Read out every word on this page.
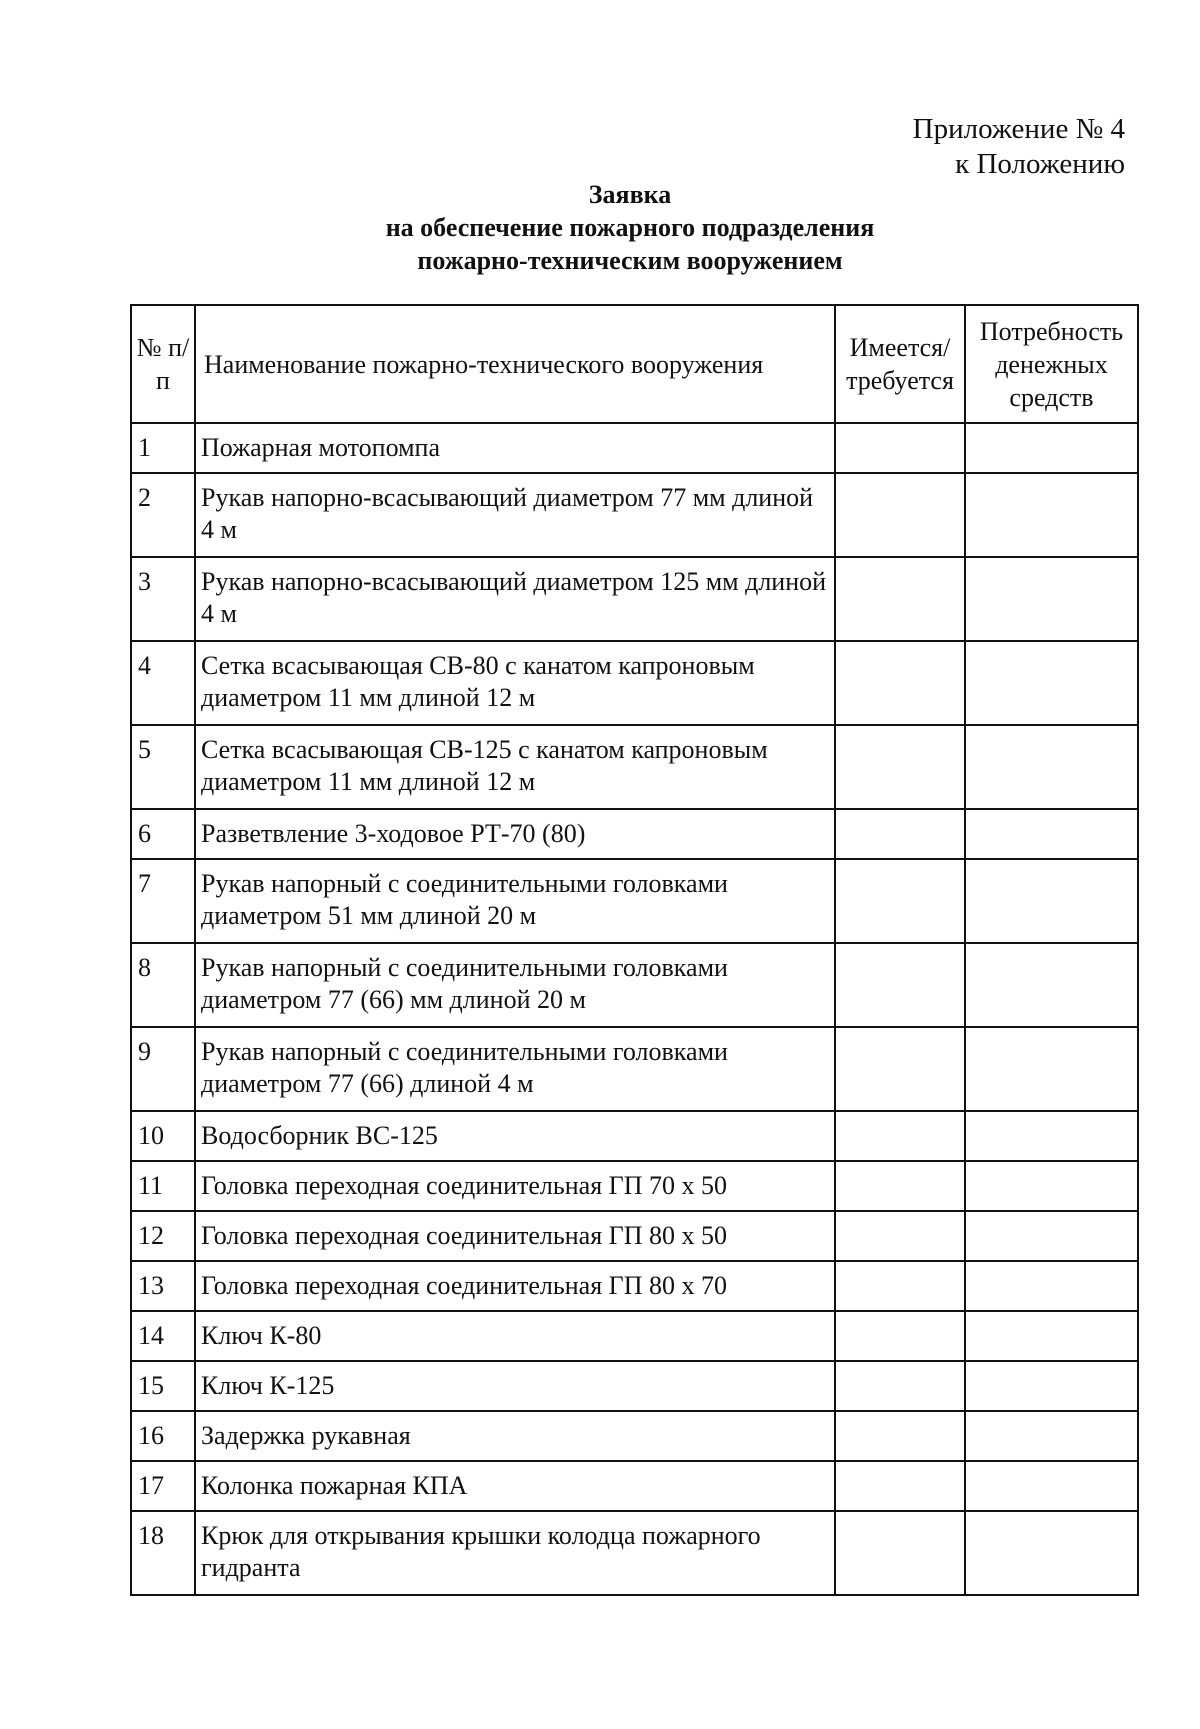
Приложение № 4
к Положению
Заявка
на обеспечение пожарного подразделения
пожарно-техническим вооружением
№ п/п	Наименование пожарно-технического вооружения	Имеется/ требуется	Потребность денежных средств
1	Пожарная мотопомпа		
2	Рукав напорно-всасывающий диаметром 77 мм длиной 4 м		
3	Рукав напорно-всасывающий диаметром 125 мм длиной 4 м		
4	Сетка всасывающая СВ-80 с канатом капроновым диаметром 11 мм длиной 12 м		
5	Сетка всасывающая СВ-125 с канатом капроновым диаметром 11 мм длиной 12 м		
6	Разветвление 3-ходовое РТ-70 (80)		
7	Рукав напорный с соединительными головками диаметром 51 мм длиной 20 м		
8	Рукав напорный с соединительными головками диаметром 77 (66) мм длиной 20 м		
9	Рукав напорный с соединительными головками диаметром 77 (66) длиной 4 м		
10	Водосборник ВС-125		
11	Головка переходная соединительная ГП 70 х 50		
12	Головка переходная соединительная ГП 80 х 50		
13	Головка переходная соединительная ГП 80 х 70		
14	Ключ К-80		
15	Ключ К-125		
16	Задержка рукавная		
17	Колонка пожарная КПА		
18	Крюк для открывания крышки колодца пожарного гидранта		
